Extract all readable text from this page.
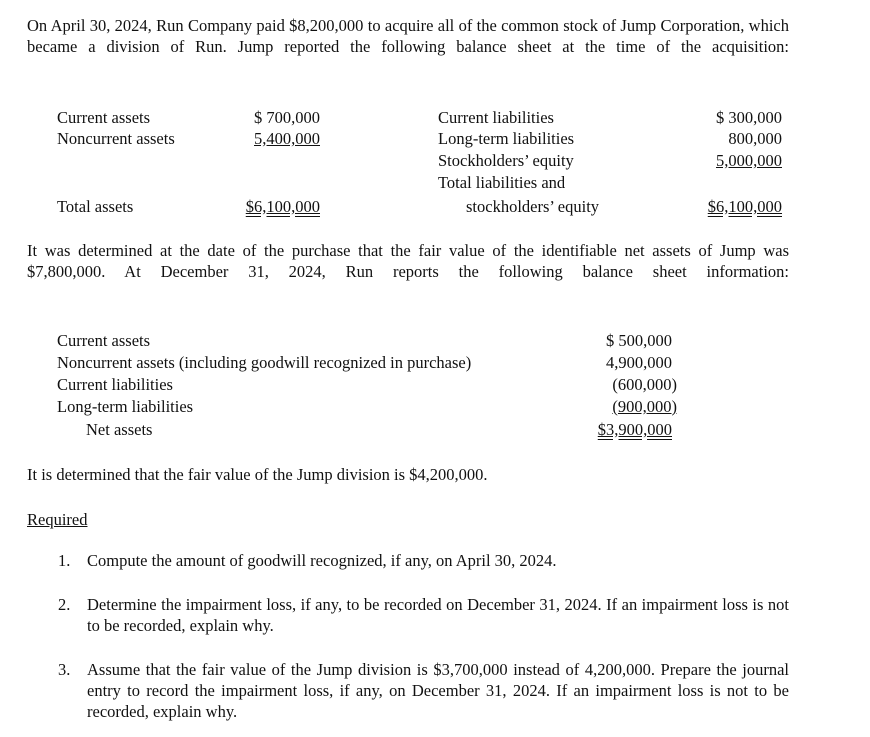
On April 30, 2024, Run Company paid $8,200,000 to acquire all of the common stock of Jump Corporation, which became a division of Run. Jump reported the following balance sheet at the time of the acquisition:
Current assets
Noncurrent assets
$ 700,000
5,400,000
Total assets	$6,100,000
Current liabilities
Long-term liabilities
Stockholders’ equity
Total liabilities and
stockholders’ equity
$ 300,000
800,000
5,000,000
$6,100,000
It was determined at the date of the purchase that the fair value of the identifiable net assets of Jump was $7,800,000. At December 31, 2024, Run reports the following balance sheet information:
Current assets
Noncurrent assets (including goodwill recognized in purchase)
Current liabilities
Long-term liabilities
Net assets
$ 500,000
4,900,000
(600,000)
(900,000)
$3,900,000
It is determined that the fair value of the Jump division is $4,200,000.
Required
1. Compute the amount of goodwill recognized, if any, on April 30, 2024.
2. Determine the impairment loss, if any, to be recorded on December 31, 2024. If an impairment loss is not to be recorded, explain why.
3. Assume that the fair value of the Jump division is $3,700,000 instead of 4,200,000. Prepare the journal entry to record the impairment loss, if any, on December 31, 2024. If an impairment loss is not to be recorded, explain why.
